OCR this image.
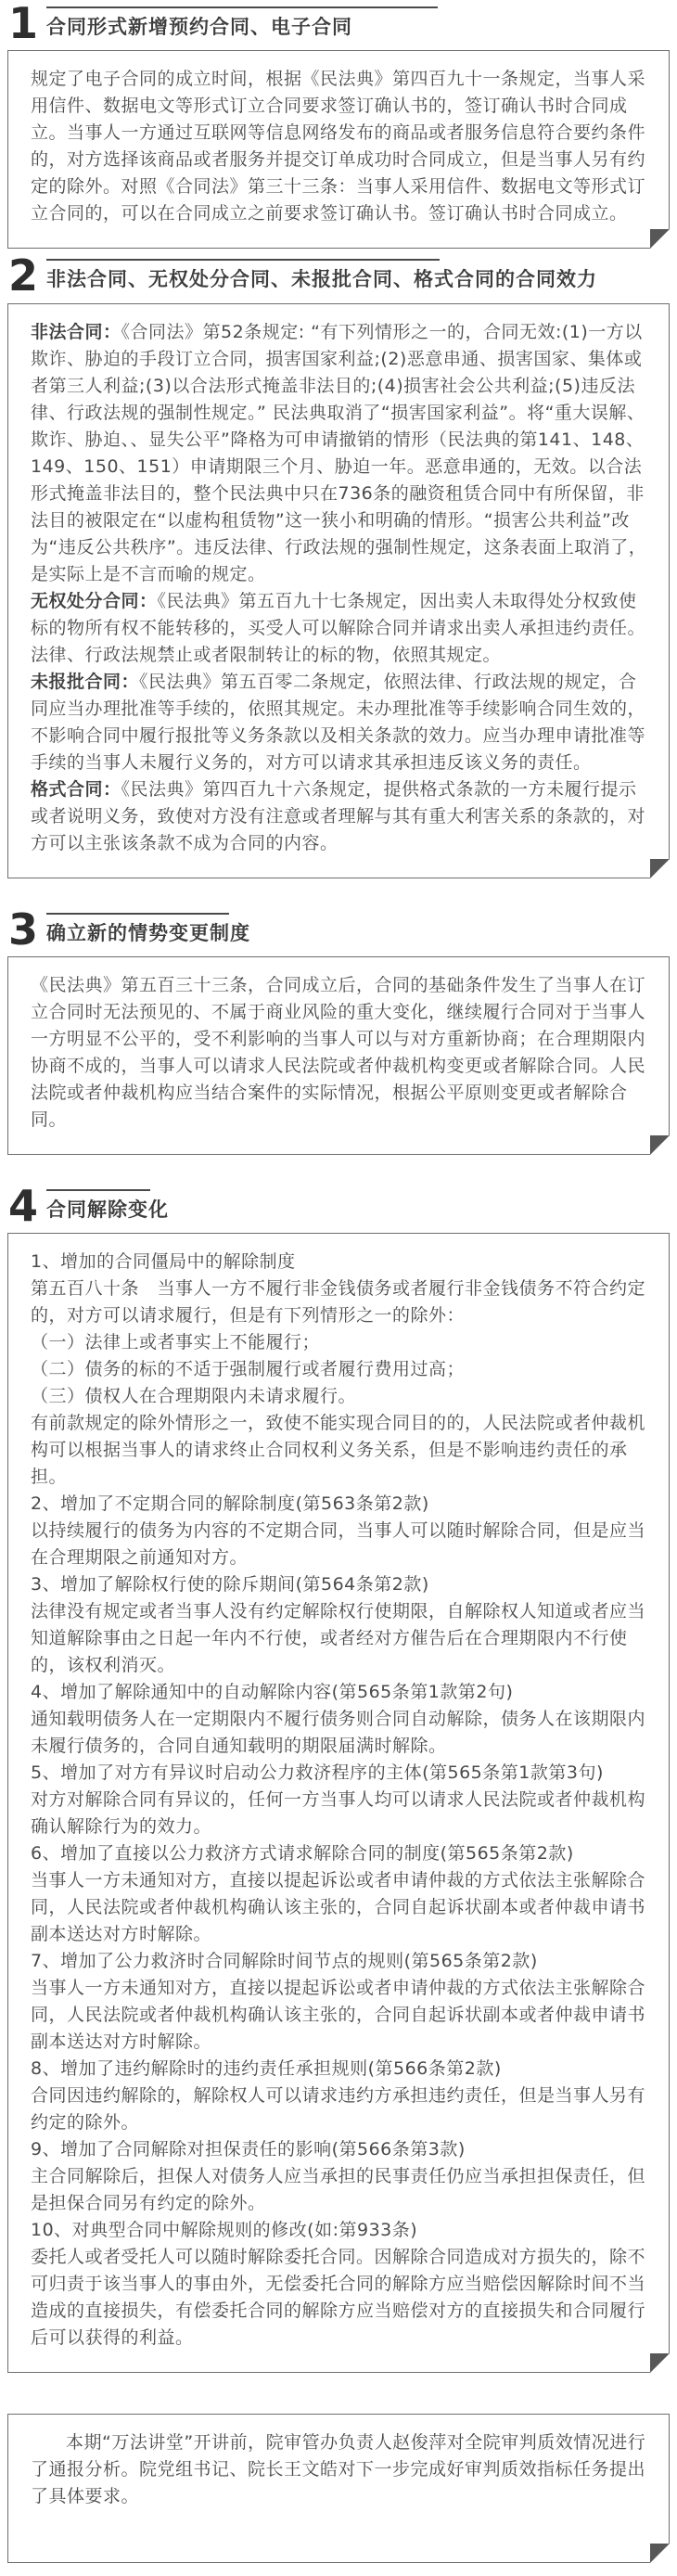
1 合同形式新增预约合同、电子合同

规定了电子合同的成立时间，根据《民法典》第四百九十一条规定，当事人采用信件、数据电文等形式订立合同要求签订确认书的，签订确认书时合同成立。当事人一方通过互联网等信息网络发布的商品或者服务信息符合要约条件的，对方选择该商品或者服务并提交订单成功时合同成立，但是当事人另有约定的除外。对照《合同法》第三十三条：当事人采用信件、数据电文等形式订立合同的，可以在合同成立之前要求签订确认书。签订确认书时合同成立。

2 非法合同、无权处分合同、未报批合同、格式合同的合同效力

非法合同：《合同法》第52条规定: “有下列情形之一的，合同无效:(1)一方以欺诈、胁迫的手段订立合同，损害国家利益;(2)恶意串通、损害国家、集体或者第三人利益;(3)以合法形式掩盖非法目的;(4)损害社会公共利益;(5)违反法律、行政法规的强制性规定。” 民法典取消了“损害国家利益”。将“重大误解、欺诈、胁迫、、显失公平”降格为可申请撤销的情形（民法典的第141、148、149、150、151）申请期限三个月、胁迫一年。恶意串通的，无效。以合法形式掩盖非法目的，整个民法典中只在736条的融资租赁合同中有所保留，非法目的被限定在“以虚构租赁物”这一狭小和明确的情形。“损害公共利益”改为“违反公共秩序”。违反法律、行政法规的强制性规定，这条表面上取消了，是实际上是不言而喻的规定。

无权处分合同：《民法典》第五百九十七条规定，因出卖人未取得处分权致使标的物所有权不能转移的，买受人可以解除合同并请求出卖人承担违约责任。法律、行政法规禁止或者限制转让的标的物，依照其规定。

未报批合同：《民法典》第五百零二条规定，依照法律、行政法规的规定，合同应当办理批准等手续的，依照其规定。未办理批准等手续影响合同生效的，不影响合同中履行报批等义务条款以及相关条款的效力。应当办理申请批准等手续的当事人未履行义务的，对方可以请求其承担违反该义务的责任。

格式合同：《民法典》第四百九十六条规定，提供格式条款的一方未履行提示或者说明义务，致使对方没有注意或者理解与其有重大利害关系的条款的，对方可以主张该条款不成为合同的内容。

3 确立新的情势变更制度

《民法典》第五百三十三条，合同成立后，合同的基础条件发生了当事人在订立合同时无法预见的、不属于商业风险的重大变化，继续履行合同对于当事人一方明显不公平的，受不利影响的当事人可以与对方重新协商；在合理期限内协商不成的，当事人可以请求人民法院或者仲裁机构变更或者解除合同。人民法院或者仲裁机构应当结合案件的实际情况，根据公平原则变更或者解除合同。

4 合同解除变化

1、增加的合同僵局中的解除制度

第五百八十条　当事人一方不履行非金钱债务或者履行非金钱债务不符合约定的，对方可以请求履行，但是有下列情形之一的除外：

（一）法律上或者事实上不能履行；

（二）债务的标的不适于强制履行或者履行费用过高；

（三）债权人在合理期限内未请求履行。

有前款规定的除外情形之一，致使不能实现合同目的的，人民法院或者仲裁机构可以根据当事人的请求终止合同权利义务关系，但是不影响违约责任的承担。

2、增加了不定期合同的解除制度(第563条第2款)

以持续履行的债务为内容的不定期合同，当事人可以随时解除合同，但是应当在合理期限之前通知对方。

3、增加了解除权行使的除斥期间(第564条第2款)

法律没有规定或者当事人没有约定解除权行使期限，自解除权人知道或者应当知道解除事由之日起一年内不行使，或者经对方催告后在合理期限内不行使的，该权利消灭。

4、增加了解除通知中的自动解除内容(第565条第1款第2句)

通知载明债务人在一定期限内不履行债务则合同自动解除，债务人在该期限内未履行债务的，合同自通知载明的期限届满时解除。

5、增加了对方有异议时启动公力救济程序的主体(第565条第1款第3句)

对方对解除合同有异议的，任何一方当事人均可以请求人民法院或者仲裁机构确认解除行为的效力。

6、增加了直接以公力救济方式请求解除合同的制度(第565条第2款)

当事人一方未通知对方，直接以提起诉讼或者申请仲裁的方式依法主张解除合同，人民法院或者仲裁机构确认该主张的，合同自起诉状副本或者仲裁申请书副本送达对方时解除。

7、增加了公力救济时合同解除时间节点的规则(第565条第2款)

当事人一方未通知对方，直接以提起诉讼或者申请仲裁的方式依法主张解除合同，人民法院或者仲裁机构确认该主张的，合同自起诉状副本或者仲裁申请书副本送达对方时解除。

8、增加了违约解除时的违约责任承担规则(第566条第2款)

合同因违约解除的，解除权人可以请求违约方承担违约责任，但是当事人另有约定的除外。

9、增加了合同解除对担保责任的影响(第566条第3款)

主合同解除后，担保人对债务人应当承担的民事责任仍应当承担担保责任，但是担保合同另有约定的除外。

10、对典型合同中解除规则的修改(如:第933条)

委托人或者受托人可以随时解除委托合同。因解除合同造成对方损失的，除不可归责于该当事人的事由外，无偿委托合同的解除方应当赔偿因解除时间不当造成的直接损失，有偿委托合同的解除方应当赔偿对方的直接损失和合同履行后可以获得的利益。

本期“万法讲堂”开讲前，院审管办负责人赵俊萍对全院审判质效情况进行了通报分析。院党组书记、院长王文皓对下一步完成好审判质效指标任务提出了具体要求。
